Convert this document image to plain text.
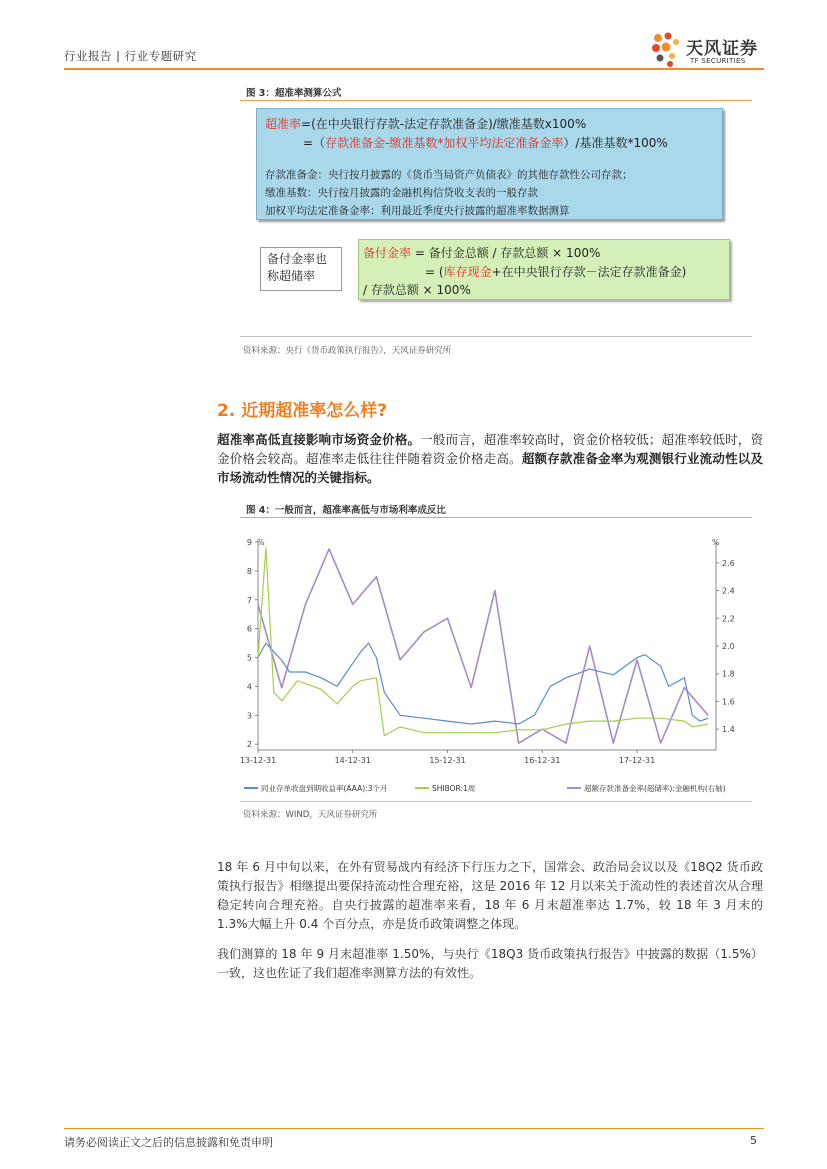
行业报告 | 行业专题研究	天风证券
TF SECURITIES
图 3：超准率测算公式
超准率=(在中央银行存款-法定存款准备金)/缴准基数x100%
=（存款准备金-缴准基数*加权平均法定准备金率）/基准基数*100%
存款准备金：央行按月披露的《货币当局资产负债表》的其他存款性公司存款；
缴准基数：央行按月披露的金融机构信贷收支表的一般存款
加权平均法定准备金率：利用最近季度央行披露的超准率数据测算
备付金率也称超储率
备付金率 = 备付金总额 / 存款总额 × 100%
= (库存现金+在中央银行存款－法定存款准备金)
/ 存款总额 × 100%
资料来源：央行《货币政策执行报告》，天风证券研究所
2. 近期超准率怎么样?
超准率高低直接影响市场资金价格。一般而言，超准率较高时，资金价格较低；超准率较低时，资金价格会较高。超准率走低往往伴随着资金价格走高。超额存款准备金率为观测银行业流动性以及市场流动性情况的关键指标。
图 4：一般而言，超准率高低与市场利率成反比
2
3
4
5
6
7
8
9
1.4
1.6
1.8
2.0
2.2
2.4
2.6
13-12-31	14-12-31	15-12-31	16-12-31	17-12-31
%	%
同业存单收盘到期收益率(AAA):3个月	SHIBOR:1周	超额存款准备金率(超储率):金融机构(右轴)
资料来源：WIND，天风证券研究所
18 年 6 月中旬以来，在外有贸易战内有经济下行压力之下，国常会、政治局会议以及《18Q2 货币政策执行报告》相继提出要保持流动性合理充裕，这是 2016 年 12 月以来关于流动性的表述首次从合理稳定转向合理充裕。自央行披露的超准率来看，18 年 6 月末超准率达 1.7%，较 18 年 3 月末的 1.3%大幅上升 0.4 个百分点，亦是货币政策调整之体现。
我们测算的 18 年 9 月末超准率 1.50%，与央行《18Q3 货币政策执行报告》中披露的数据（1.5%）一致，这也佐证了我们超准率测算方法的有效性。
请务必阅读正文之后的信息披露和免责申明	5
